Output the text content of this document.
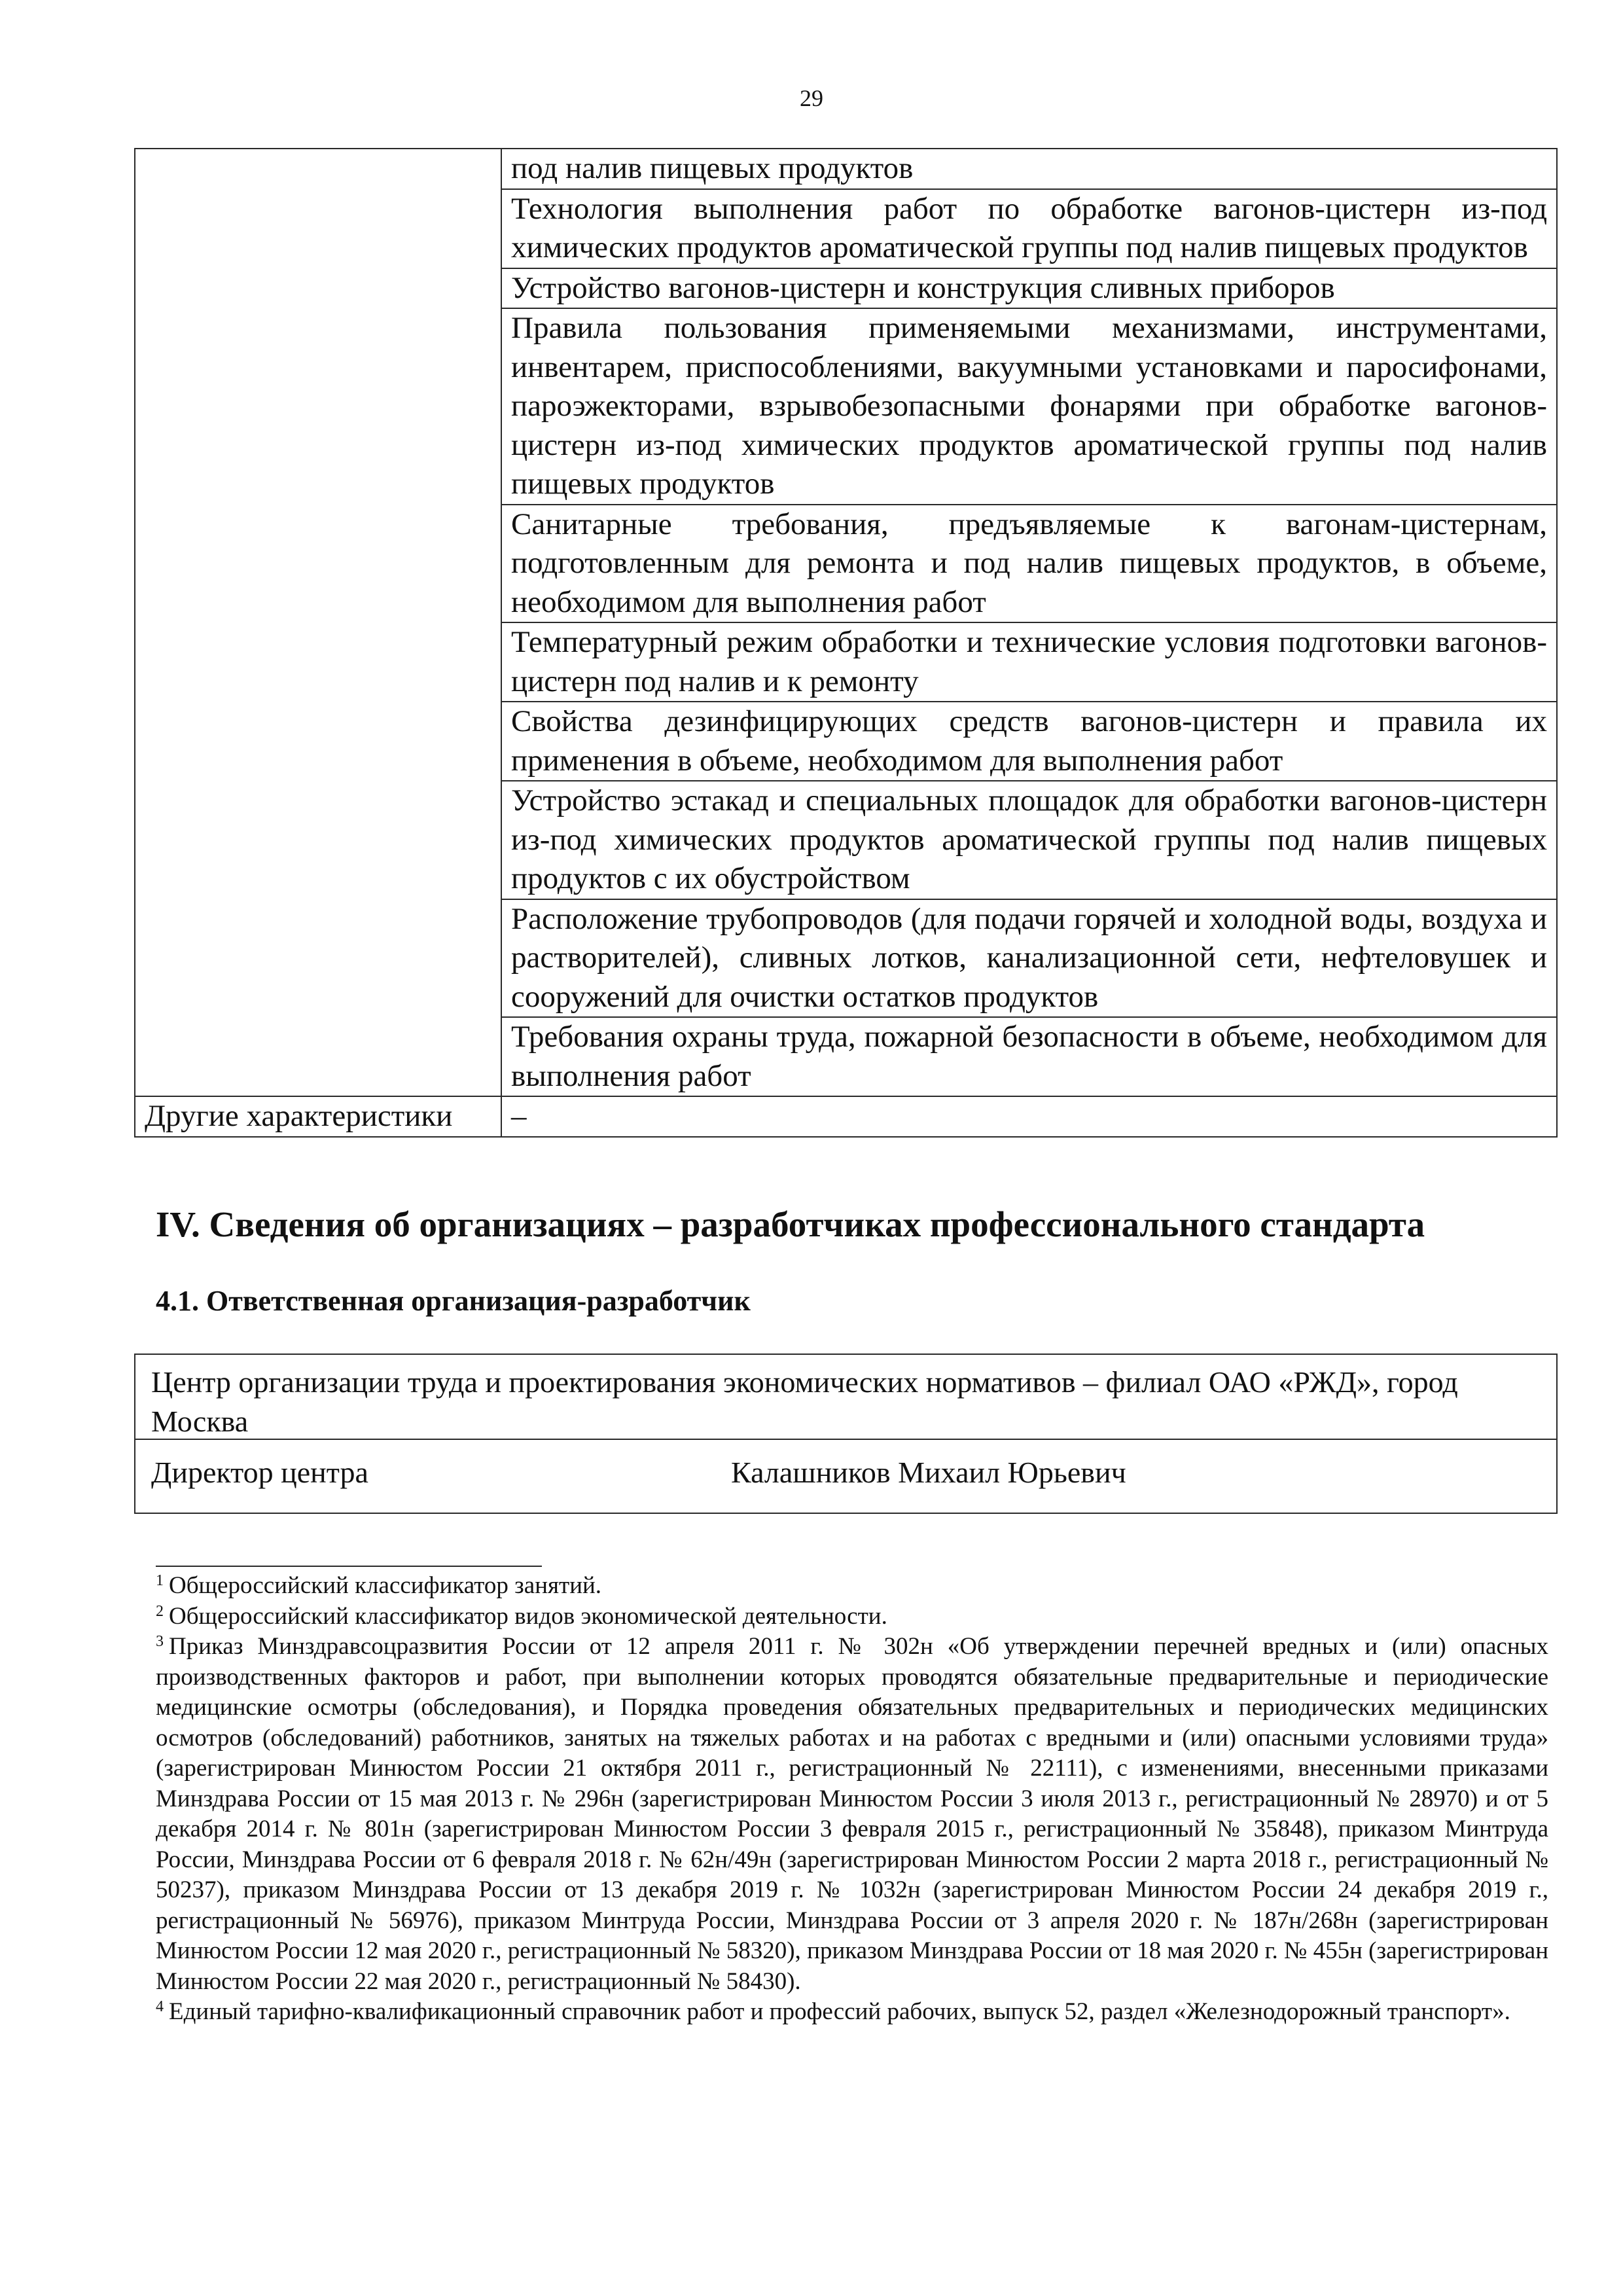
29
	под налив пищевых продуктов
	Технология выполнения работ по обработке вагонов-цистерн из-под химических продуктов ароматической группы под налив пищевых продуктов
	Устройство вагонов-цистерн и конструкция сливных приборов
	Правила пользования применяемыми механизмами, инструментами, инвентарем, приспособлениями, вакуумными установками и паросифонами, пароэжекторами, взрывобезопасными фонарями при обработке вагонов-цистерн из-под химических продуктов ароматической группы под налив пищевых продуктов
	Санитарные требования, предъявляемые к вагонам-цистернам, подготовленным для ремонта и под налив пищевых продуктов, в объеме, необходимом для выполнения работ
	Температурный режим обработки и технические условия подготовки вагонов-цистерн под налив и к ремонту
	Свойства дезинфицирующих средств вагонов-цистерн и правила их применения в объеме, необходимом для выполнения работ
	Устройство эстакад и специальных площадок для обработки вагонов-цистерн из-под химических продуктов ароматической группы под налив пищевых продуктов с их обустройством
	Расположение трубопроводов (для подачи горячей и холодной воды, воздуха и растворителей), сливных лотков, канализационной сети, нефтеловушек и сооружений для очистки остатков продуктов
	Требования охраны труда, пожарной безопасности в объеме, необходимом для выполнения работ
Другие характеристики	–
IV. Сведения об организациях – разработчиках профессионального стандарта
4.1. Ответственная организация-разработчик
Центр организации труда и проектирования экономических нормативов – филиал ОАО «РЖД», город Москва
Директор центра	Калашников Михаил Юрьевич

$^1$ Общероссийский классификатор занятий.

$^2$ Общероссийский классификатор видов экономической деятельности.

$^3$ Приказ Минздравсоцразвития России от 12 апреля 2011 г. № 302н «Об утверждении перечней вредных и (или) опасных производственных факторов и работ, при выполнении которых проводятся обязательные предварительные и периодические медицинские осмотры (обследования), и Порядка проведения обязательных предварительных и периодических медицинских осмотров (обследований) работников, занятых на тяжелых работах и на работах с вредными и (или) опасными условиями труда» (зарегистрирован Минюстом России 21 октября 2011 г., регистрационный № 22111), с изменениями, внесенными приказами Минздрава России от 15 мая 2013 г. № 296н (зарегистрирован Минюстом России 3 июля 2013 г., регистрационный № 28970) и от 5 декабря 2014 г. № 801н (зарегистрирован Минюстом России 3 февраля 2015 г., регистрационный № 35848), приказом Минтруда России, Минздрава России от 6 февраля 2018 г. № 62н/49н (зарегистрирован Минюстом России 2 марта 2018 г., регистрационный № 50237), приказом Минздрава России от 13 декабря 2019 г. № 1032н (зарегистрирован Минюстом России 24 декабря 2019 г., регистрационный № 56976), приказом Минтруда России, Минздрава России от 3 апреля 2020 г. № 187н/268н (зарегистрирован Минюстом России 12 мая 2020 г., регистрационный № 58320), приказом Минздрава России от 18 мая 2020 г. № 455н (зарегистрирован Минюстом России 22 мая 2020 г., регистрационный № 58430).

$^4$ Единый тарифно-квалификационный справочник работ и профессий рабочих, выпуск 52, раздел «Железнодорожный транспорт».
